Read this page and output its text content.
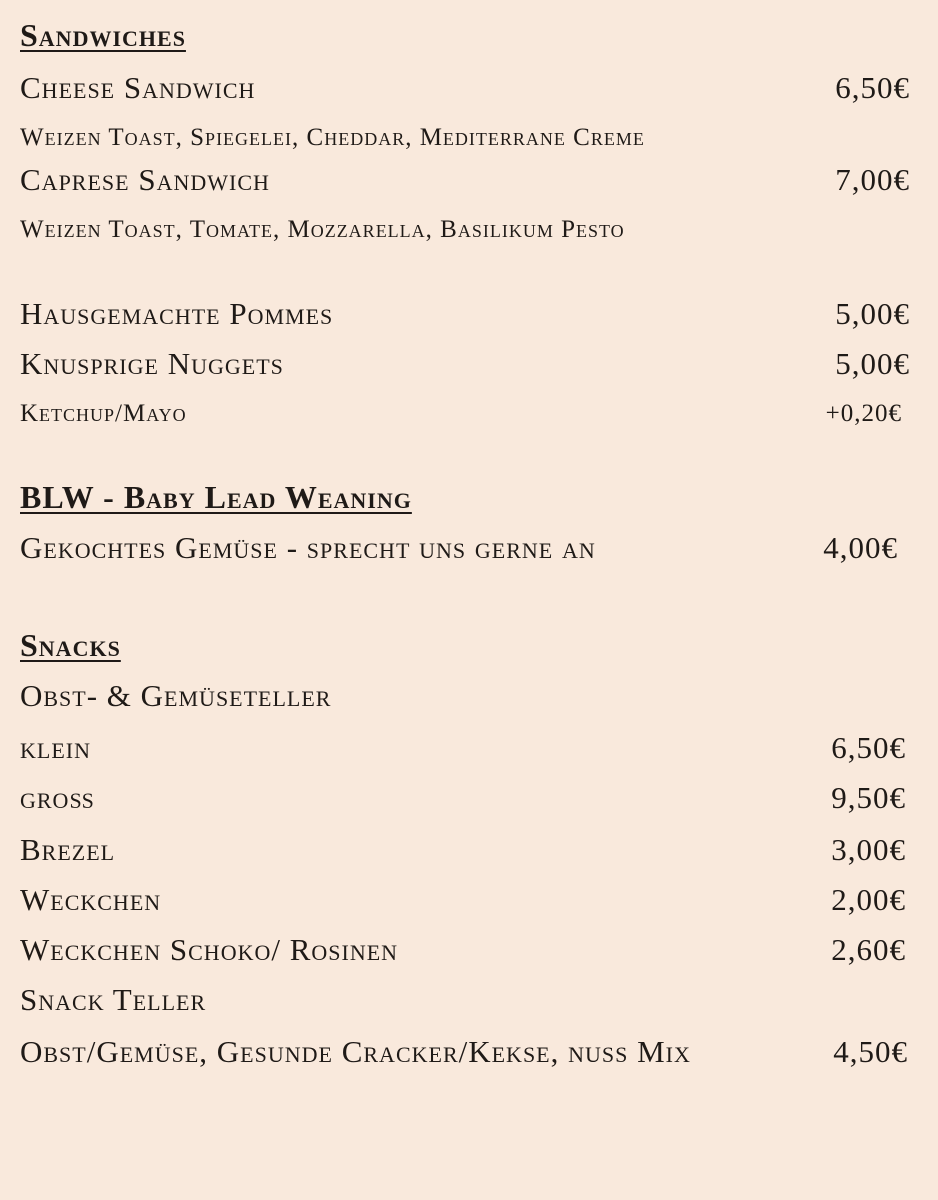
Sandwiches
Cheese Sandwich	6,50€
Weizen Toast, Spiegelei, Cheddar, Mediterrane Creme
Caprese Sandwich	7,00€
Weizen Toast, Tomate, Mozzarella, Basilikum Pesto
Hausgemachte Pommes	5,00€
Knusprige Nuggets	5,00€
Ketchup/Mayo	+0,20€
BLW - Baby Lead Weaning
Gekochtes Gemüse - sprecht uns gerne an	4,00€
Snacks
Obst- & Gemüseteller
klein	6,50€
groß	9,50€
Brezel	3,00€
Weckchen	2,00€
Weckchen Schoko/ Rosinen	2,60€
Snack Teller
Obst/Gemüse, Gesunde Cracker/Kekse, nuss Mix	4,50€
